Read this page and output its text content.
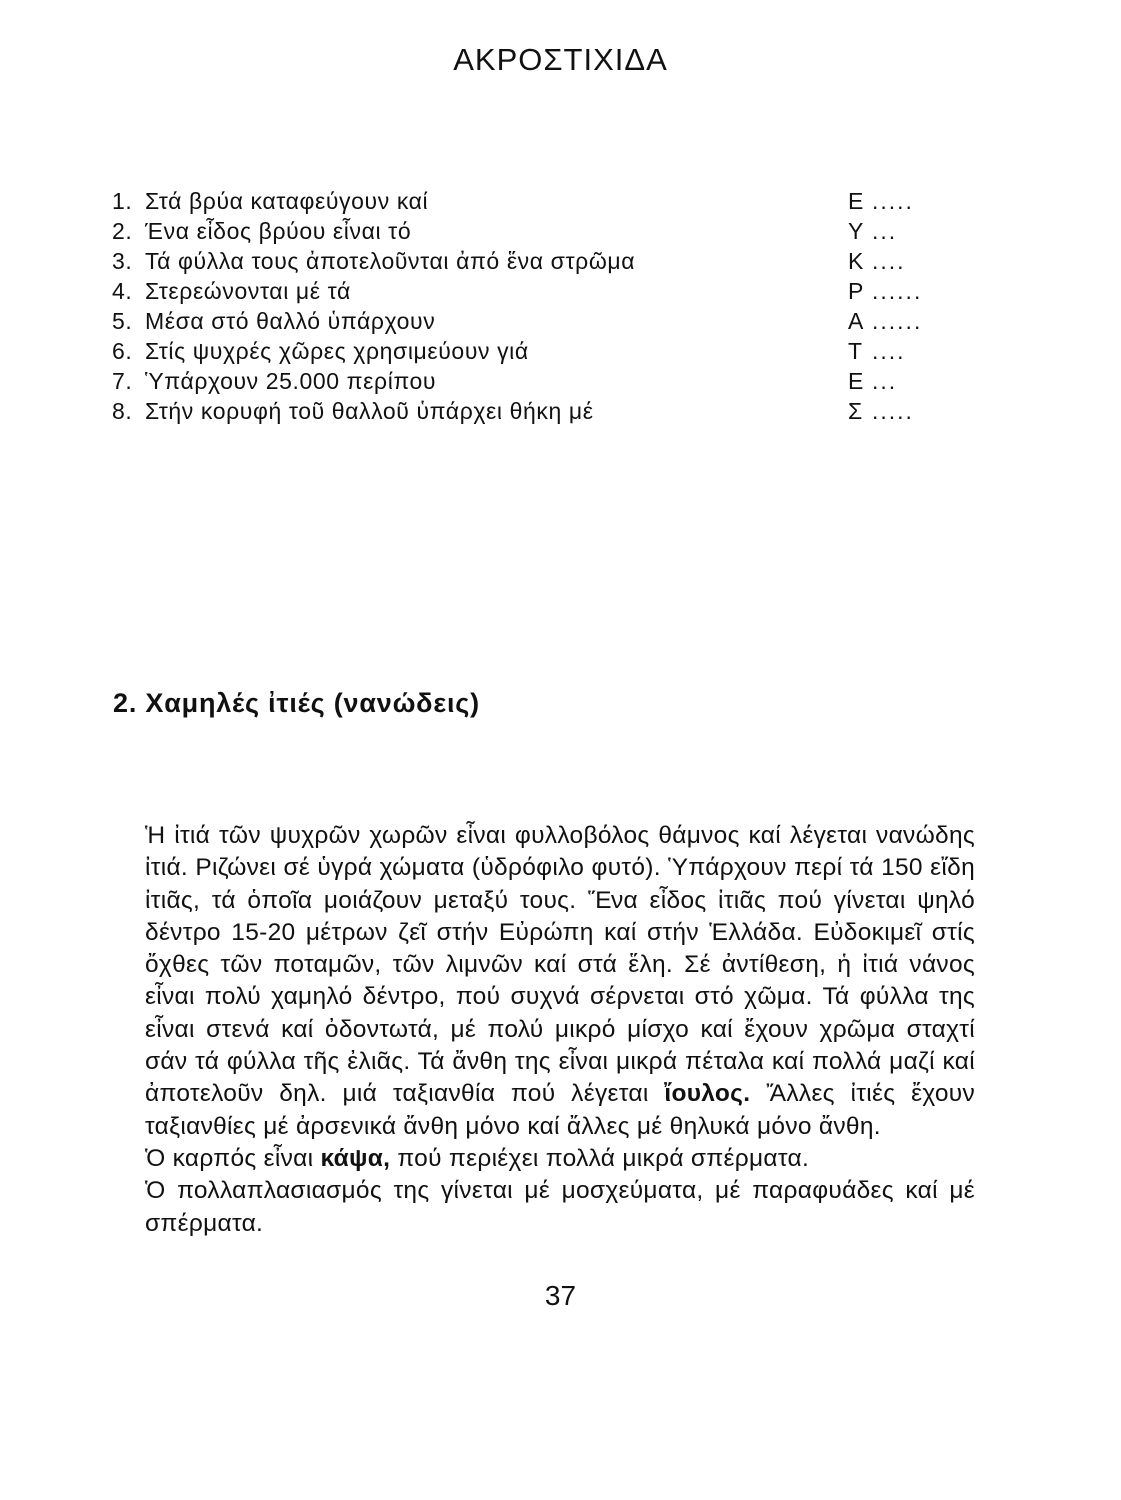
ΑΚΡΟΣΤΙΧΙΔΑ
1. Στά βρύα καταφεύγουν καί	Ε .....
2. Ένα εἶδος βρύου εἶναι τό	Υ ...
3. Τά φύλλα τους ἀποτελοῦνται ἀπό ἕνα στρῶμα	Κ ....
4. Στερεώνονται μέ τά	Ρ ......
5. Μέσα στό θαλλό ὑπάρχουν	Α ......
6. Στίς ψυχρές χῶρες χρησιμεύουν γιά	Τ ....
7. Ὑπάρχουν 25.000 περίπου	Ε ...
8. Στήν κορυφή τοῦ θαλλοῦ ὑπάρχει θήκη μέ	Σ .....
2. Χαμηλές ἰτιές (νανώδεις)

Ἡ ἰτιά τῶν ψυχρῶν χωρῶν εἶναι φυλλοβόλος θάμνος καί λέγεται νανώδης ἰτιά. Ριζώνει σέ ὑγρά χώματα (ὑδρόφιλο φυτό). Ὑπάρχουν περί τά 150 εἴδη ἰτιᾶς, τά ὁποῖα μοιάζουν μεταξύ τους. Ἕνα εἶδος ἰτιᾶς πού γίνεται ψηλό δέντρο 15-20 μέτρων ζεῖ στήν Εὐρώπη καί στήν Ἑλλάδα. Εὐδοκιμεῖ στίς ὄχθες τῶν ποταμῶν, τῶν λιμνῶν καί στά ἕλη. Σέ ἀντίθεση, ἡ ἰτιά νάνος εἶναι πολύ χαμηλό δέντρο, πού συχνά σέρνεται στό χῶμα. Τά φύλλα της εἶναι στενά καί ὀδοντωτά, μέ πολύ μικρό μίσχο καί ἔχουν χρῶμα σταχτί σάν τά φύλλα τῆς ἐλιᾶς. Τά ἄνθη της εἶναι μικρά πέταλα καί πολλά μαζί καί ἀποτελοῦν δηλ. μιά ταξιανθία πού λέγεται ἴουλος. Ἄλλες ἰτιές ἔχουν ταξιανθίες μέ ἀρσενικά ἄνθη μόνο καί ἄλλες μέ θηλυκά μόνο ἄνθη.

Ὁ καρπός εἶναι κάψα, πού περιέχει πολλά μικρά σπέρματα.

Ὁ πολλαπλασιασμός της γίνεται μέ μοσχεύματα, μέ παραφυάδες καί μέ σπέρματα.

37
